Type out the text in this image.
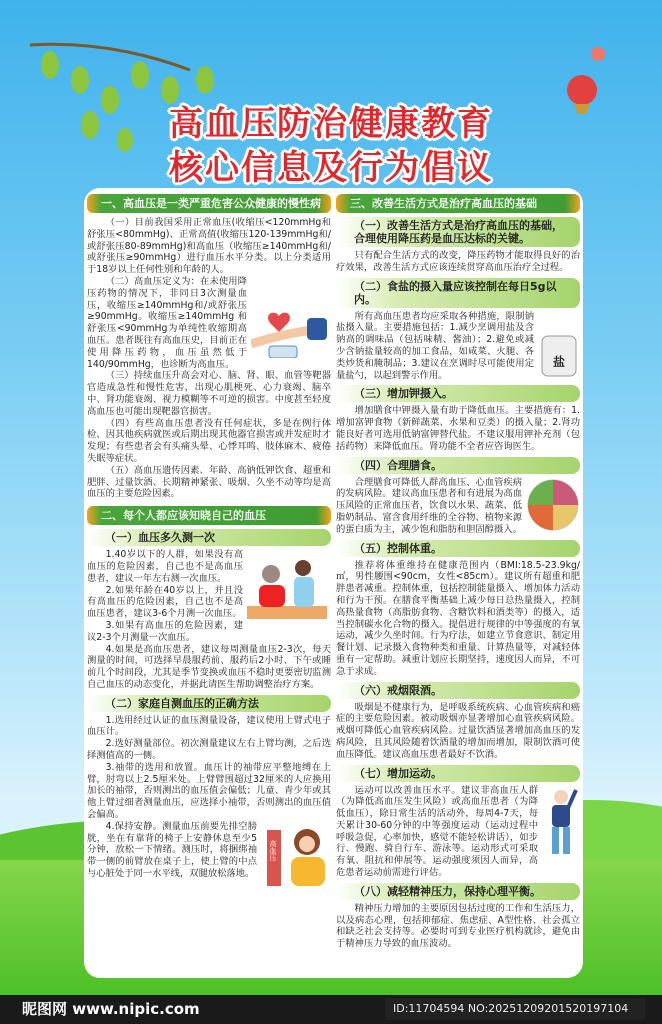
高血压防治健康教育
核心信息及行为倡议
一、高血压是一类严重危害公众健康的慢性病

（一）目前我国采用正常血压(收缩压<120mmHg和舒张压<80mmHg)、正常高值(收缩压120-139mmHg和/或舒张压80-89mmHg)和高血压（收缩压≥140mmHg和/或舒张压≥90mmHg）进行血压水平分类。以上分类适用于18岁以上任何性别和年龄的人。

（二）高血压定义为：在未使用降压药物的情况下，非同日3次测量血压，收缩压≥140mmHg和/或舒张压≥90mmHg。收缩压≥140mmHg 和舒张压<90mmHg为单纯性收缩期高血压。患者既往有高血压史，目前正在使用降压药物，血压虽然低于140/90mmHg，也诊断为高血压。

（三）持续血压升高会对心、脑、肾、眼、血管等靶器官造成急性和慢性危害，出现心肌梗死、心力衰竭、脑卒中、肾功能衰竭、视力模糊等不可逆的损害。中度甚至轻度高血压也可能出现靶器官损害。

（四）有些高血压患者没有任何症状，多是在例行体检、因其他疾病就医或后期出现其他器官损害或并发症时才发现；有些患者会有头痛头晕、心悸耳鸣、肢体麻木、疲倦失眠等症状。

（五）高血压遗传因素、年龄、高钠低钾饮食、超重和肥胖、过量饮酒、长期精神紧张、吸烟、久坐不动等均是高血压的主要危险因素。

二、每个人都应该知晓自己的血压
（一）血压多久测一次

1.40岁以下的人群，如果没有高血压的危险因素，自己也不是高血压患者，建议一年左右测一次血压。

2.如果年龄在40岁以上，并且没有高血压的危险因素，自己也不是高血压患者，建议3-6个月测一次血压。

3.如果有高血压的危险因素，建议2-3个月测量一次血压。

4.如果是高血压患者，建议每周测量血压2-3次，每天测量的时间，可选择早晨服药前、服药后2小时、下午或睡前几个时间段，尤其是季节变换或血压不稳时更要密切监测自己血压的动态变化，并据此请医生帮助调整治疗方案。

（二）家庭自测血压的正确方法

1.选用经过认证的血压测量设备，建议使用上臂式电子血压计。

2.选好测量部位。初次测量建议左右上臂均测，之后选择测值高的一侧。

3.袖带的选用和放置。血压计的袖带应平整地缚在上臂，肘弯以上2.5厘米处。上臂臂围超过32厘米的人应换用加长的袖带，否则测出的血压值会偏低；儿童、青少年或其他上臂过细者测量血压，应选择小袖带，否则测出的血压值会偏高。

高血压

4.保持安静。测量血压前要先排空膀胱，坐在有靠背的椅子上安静休息至少5分钟，放松一下情绪。测压时，将捆绑袖带一侧的前臂放在桌子上，使上臂的中点与心脏处于同一水平线，双腿放松落地。

三、改善生活方式是治疗高血压的基础
（一）改善生活方式是治疗高血压的基础，合理使用降压药是血压达标的关键。

只有配合生活方式的改变，降压药物才能取得良好的治疗效果，改善生活方式应该连续贯穿高血压治疗全过程。

（二）食盐的摄入量应该控制在每日5g以内。
盐

所有高血压患者均应采取各种措施，限制钠盐摄入量。主要措施包括：1.减少烹调用盐及含钠高的调味品（包括味精、酱油）；2.避免或减少含钠盐量较高的加工食品，如咸菜、火腿、各类炒货和腌制品；3.建议在烹调时尽可能使用定量盐勺，以起到警示作用。

（三）增加钾摄入。

增加膳食中钾摄入量有助于降低血压。主要措施有：1.增加富钾食物（新鲜蔬菜、水果和豆类）的摄入量；2.肾功能良好者可选用低钠富钾替代盐。不建议服用钾补充剂（包括药物）来降低血压。肾功能不全者应咨询医生。

（四）合理膳食。

合理膳食可降低人群高血压、心血管疾病的发病风险。建议高血压患者和有进展为高血压风险的正常血压者，饮食以水果、蔬菜、低脂奶制品、富含食用纤维的全谷物、植物来源的蛋白质为主，减少饱和脂肪和胆固醇摄入。

（五）控制体重。

推荐将体重维持在健康范围内（BMI:18.5-23.9kg/㎡，男性腰围<90cm，女性<85cm）。建议所有超重和肥胖患者减重。控制体重，包括控制能量摄入、增加体力活动和行为干预。在膳食平衡基础上减少每日总热量摄入，控制高热量食物（高脂肪食物、含糖饮料和酒类等）的摄入，适当控制碳水化合物的摄入。提倡进行规律的中等强度的有氧运动，减少久坐时间。行为疗法，如建立节食意识、制定用餐计划、记录摄入食物种类和重量、计算热量等，对减轻体重有一定帮助。减重计划应长期坚持，速度因人而异，不可急于求成。

（六）戒烟限酒。

吸烟是不健康行为，是呼吸系统疾病、心血管疾病和癌症的主要危险因素。被动吸烟亦显著增加心血管疾病风险。戒烟可降低心血管疾病风险。过量饮酒显著增加高血压的发病风险，且其风险随着饮酒量的增加而增加，限制饮酒可使血压降低。建议高血压患者最好不饮酒。

（七）增加运动。

运动可以改善血压水平。建议非高血压人群（为降低高血压发生风险）或高血压患者（为降低血压），除日常生活的活动外，每周4-7天，每天累计30-60分钟的中等强度运动（运动过程中呼吸急促，心率加快，感觉不能轻松讲话），如步行、慢跑、骑自行车、游泳等。运动形式可采取有氧、阻抗和伸展等。运动强度须因人而异，高危患者运动前需进行评估。

（八）减轻精神压力，保持心理平衡。

精神压力增加的主要原因包括过度的工作和生活压力，以及病态心理，包括抑郁症、焦虑症、A型性格、社会孤立和缺乏社会支持等。必要时可到专业医疗机构就诊，避免由于精神压力导致的血压波动。

昵图网 www.nipic.com	ID:11704594 NO:20251209201520197104
